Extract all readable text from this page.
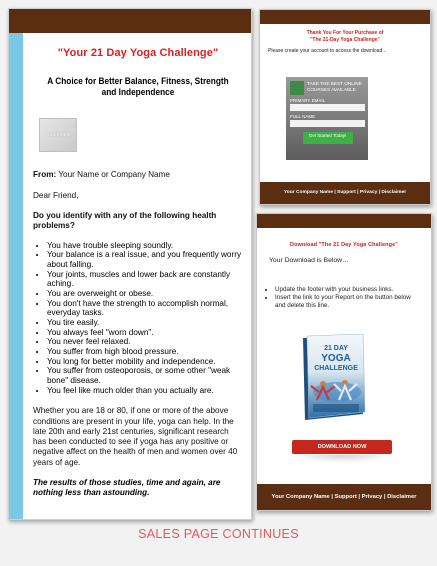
"Your 21 Day Yoga Challenge"
A Choice for Better Balance, Fitness, Strength and Independence
Your Image
From: Your Name or Company Name
Dear Friend,
Do you identify with any of the following health problems?
• You have trouble sleeping soundly.
• Your balance is a real issue, and you frequently worry about falling.
• Your joints, muscles and lower back are constantly aching.
• You are overweight or obese.
• You don't have the strength to accomplish normal, everyday tasks.
• You tire easily.
• You always feel "worn down".
• You never feel relaxed.
• You suffer from high blood pressure.
• You long for better mobility and independence.
• You suffer from osteoporosis, or some other "weak bone" disease.
• You feel like much older than you actually are.
Whether you are 18 or 80, if one or more of the above conditions are present in your life, yoga can help. In the late 20th and early 21st centuries, significant research has been conducted to see if yoga has any positive or negative affect on the health of men and women over 40 years of age.
The results of those studies, time and again, are nothing less than astounding.
SALES PAGE CONTINUES
Thank You For Your Purchase of
"The 21-Day Yoga Challenge"
Please create your account to access the download...
TAKE THE BEST ONLINE COURSES AVAILABLE
PRIMARY EMAIL
FULL NAME
Get Started Today!
Your Company Name | Support | Privacy | Disclaimer
Download "The 21 Day Yoga Challenge"
Your Download is Below…
• Update the footer with your business links.
• Insert the link to your Report on the button below and delete this line.
21 DAY
YOGA
CHALLENGE
DOWNLOAD NOW
Your Company Name | Support | Privacy | Disclaimer
